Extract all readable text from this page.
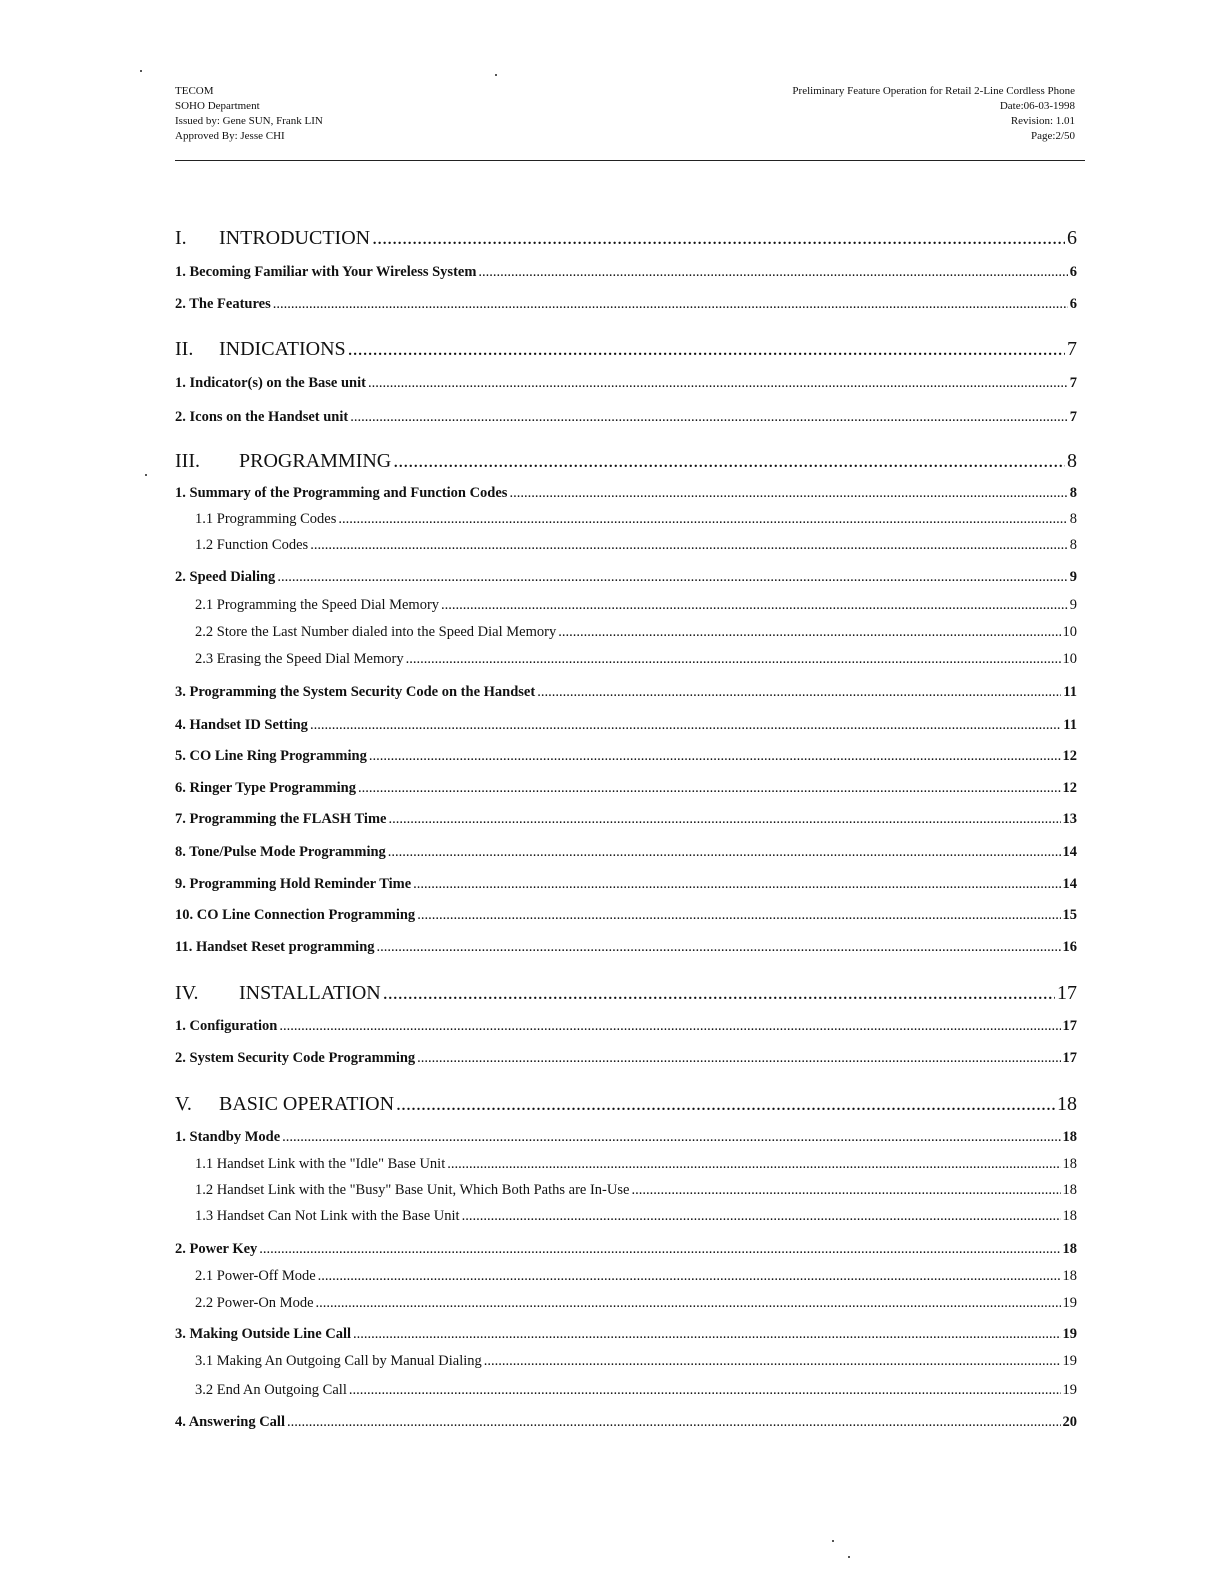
TECOM
SOHO Department
Issued by: Gene SUN, Frank LIN
Approved By: Jesse CHI
Preliminary Feature Operation for Retail 2-Line Cordless Phone
Date:06-03-1998
Revision: 1.01
Page:2/50
I.	INTRODUCTION .....	6
1. Becoming Familiar with Your Wireless System .....	6
2. The Features .....	6
II.	INDICATIONS .....	7
1. Indicator(s) on the Base unit .....	7
2. Icons on the Handset unit .....	7
III.	PROGRAMMING .....	8
1. Summary of the Programming and Function Codes .....	8
1.1 Programming Codes .....	8
1.2 Function Codes .....	8
2. Speed Dialing .....	9
2.1 Programming the Speed Dial Memory .....	9
2.2 Store the Last Number dialed into the Speed Dial Memory .....	10
2.3 Erasing the Speed Dial Memory .....	10
3. Programming the System Security Code on the Handset .....	11
4. Handset ID Setting .....	11
5. CO Line Ring Programming .....	12
6. Ringer Type Programming .....	12
7. Programming the FLASH Time .....	13
8. Tone/Pulse Mode Programming .....	14
9. Programming Hold Reminder Time .....	14
10. CO Line Connection Programming .....	15
11. Handset Reset programming .....	16
IV.	INSTALLATION .....	17
1. Configuration .....	17
2. System Security Code Programming .....	17
V.	BASIC OPERATION .....	18
1. Standby Mode .....	18
1.1 Handset Link with the "Idle" Base Unit .....	18
1.2 Handset Link with the "Busy" Base Unit, Which Both Paths are In-Use .....	18
1.3 Handset Can Not Link with the Base Unit .....	18
2. Power Key .....	18
2.1 Power-Off Mode .....	18
2.2 Power-On Mode .....	19
3. Making Outside Line Call .....	19
3.1 Making An Outgoing Call by Manual Dialing .....	19
3.2 End An Outgoing Call .....	19
4. Answering Call .....	20
